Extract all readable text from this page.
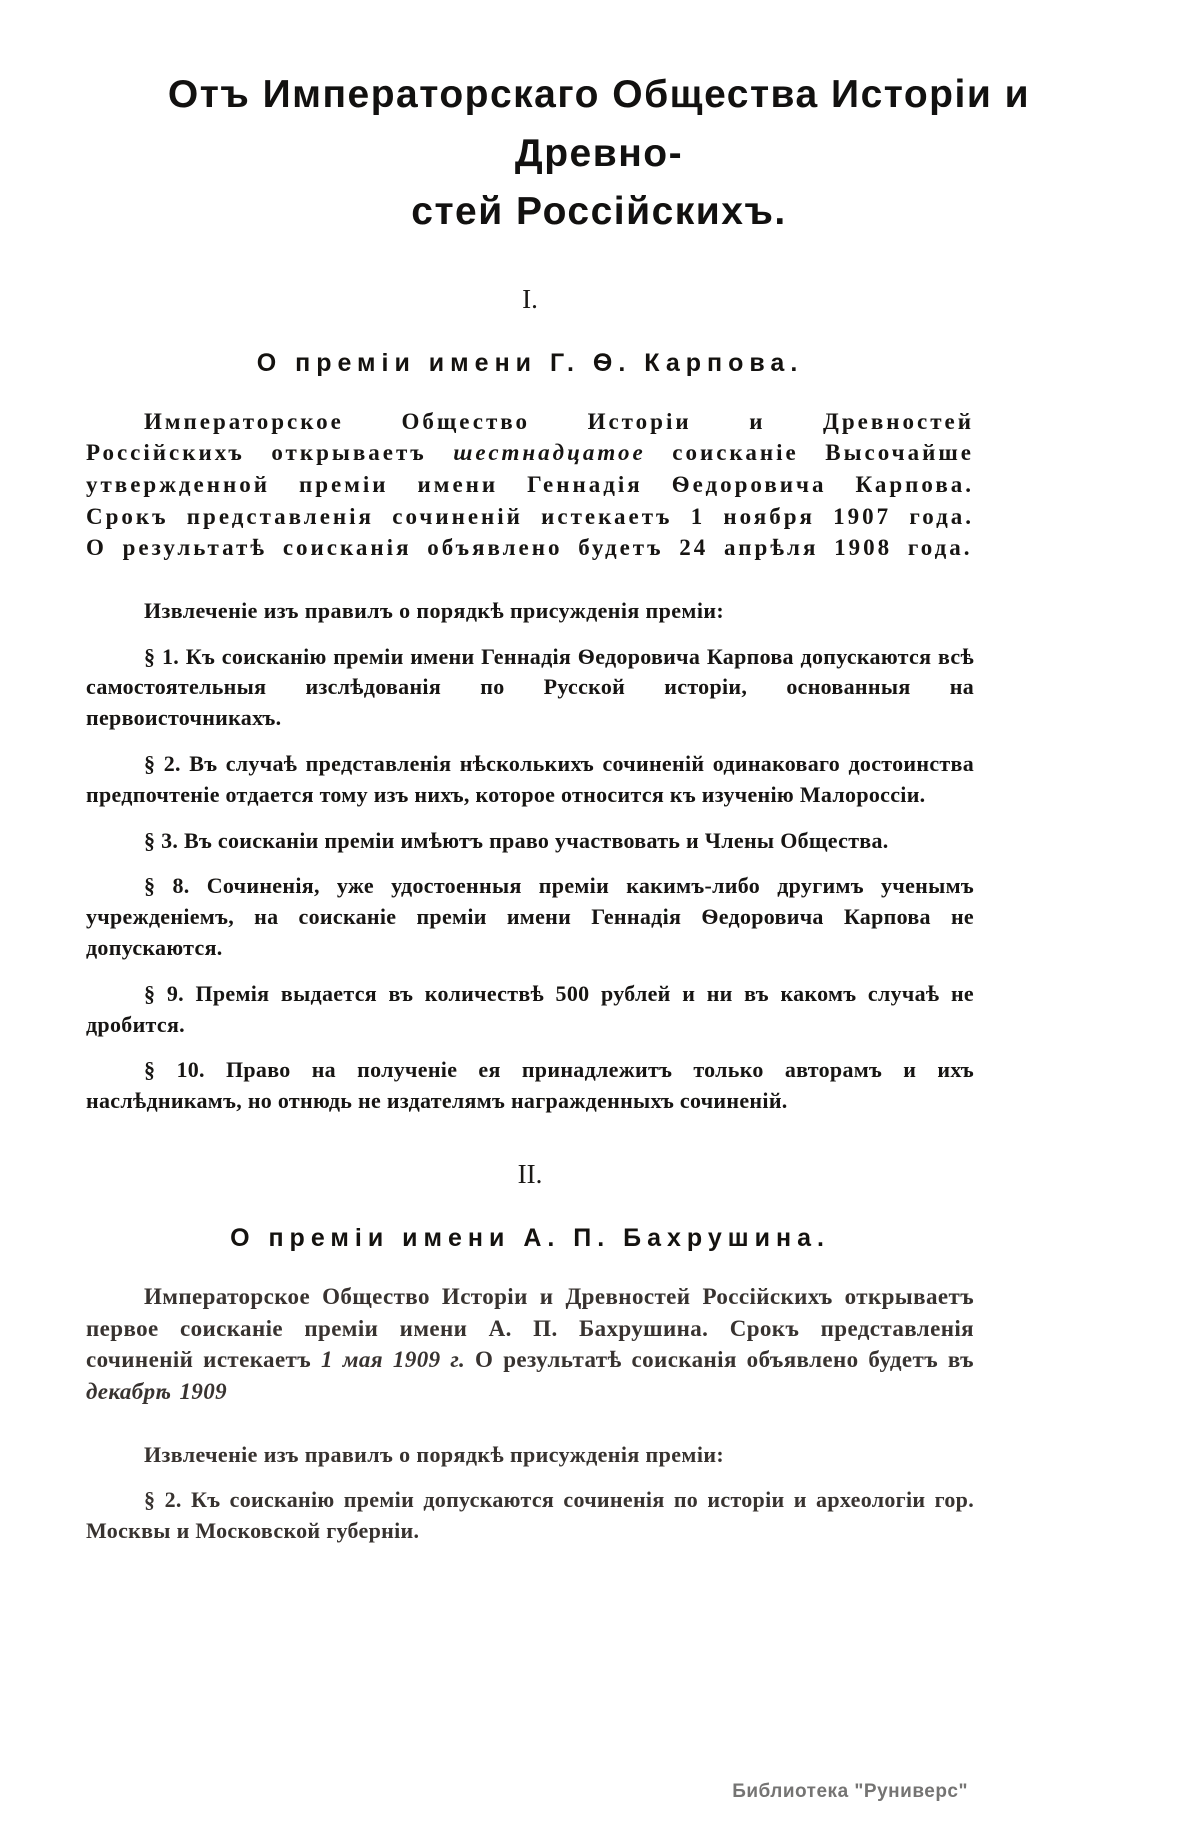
Отъ Императорскаго Общества Исторіи и Древно-
стей Россійскихъ.
I.
О преміи имени Г. Ѳ. Карпова.

Императорское Общество Исторіи и Древностей Россійскихъ открываетъ шестнадцатое соисканіе Высочайше утвержденной преміи имени Геннадія Ѳедоровича Карпова. Срокъ представленія сочиненій истекаетъ 1 ноября 1907 года. О результатѣ соисканія объявлено будетъ 24 апрѣля 1908 года.

Извлеченіе изъ правилъ о порядкѣ присужденія преміи:

§ 1. Къ соисканію преміи имени Геннадія Ѳедоровича Карпова допускаются всѣ самостоятельныя изслѣдованія по Русской исторіи, основанныя на первоисточникахъ.

§ 2. Въ случаѣ представленія нѣсколькихъ сочиненій одинаковаго достоинства предпочтеніе отдается тому изъ нихъ, которое относится къ изученію Малороссіи.

§ 3. Въ соисканіи преміи имѣютъ право участвовать и Члены Общества.

§ 8. Сочиненія, уже удостоенныя преміи какимъ-либо другимъ ученымъ учрежденіемъ, на соисканіе преміи имени Геннадія Ѳедоровича Карпова не допускаются.

§ 9. Премія выдается въ количествѣ 500 рублей и ни въ какомъ случаѣ не дробится.

§ 10. Право на полученіе ея принадлежитъ только авторамъ и ихъ наслѣдникамъ, но отнюдь не издателямъ награжденныхъ сочиненій.

II.
О преміи имени А. П. Бахрушина.

Императорское Общество Исторіи и Древностей Россійскихъ открываетъ первое соисканіе преміи имени А. П. Бахрушина. Срокъ представленія сочиненій истекаетъ 1 мая 1909 г. О результатѣ соисканія объявлено будетъ въ декабрѣ 1909

Извлеченіе изъ правилъ о порядкѣ присужденія преміи:

§ 2. Къ соисканію преміи допускаются сочиненія по исторіи и археологіи гор. Москвы и Московской губерніи.

Библиотека "Руниверс"
